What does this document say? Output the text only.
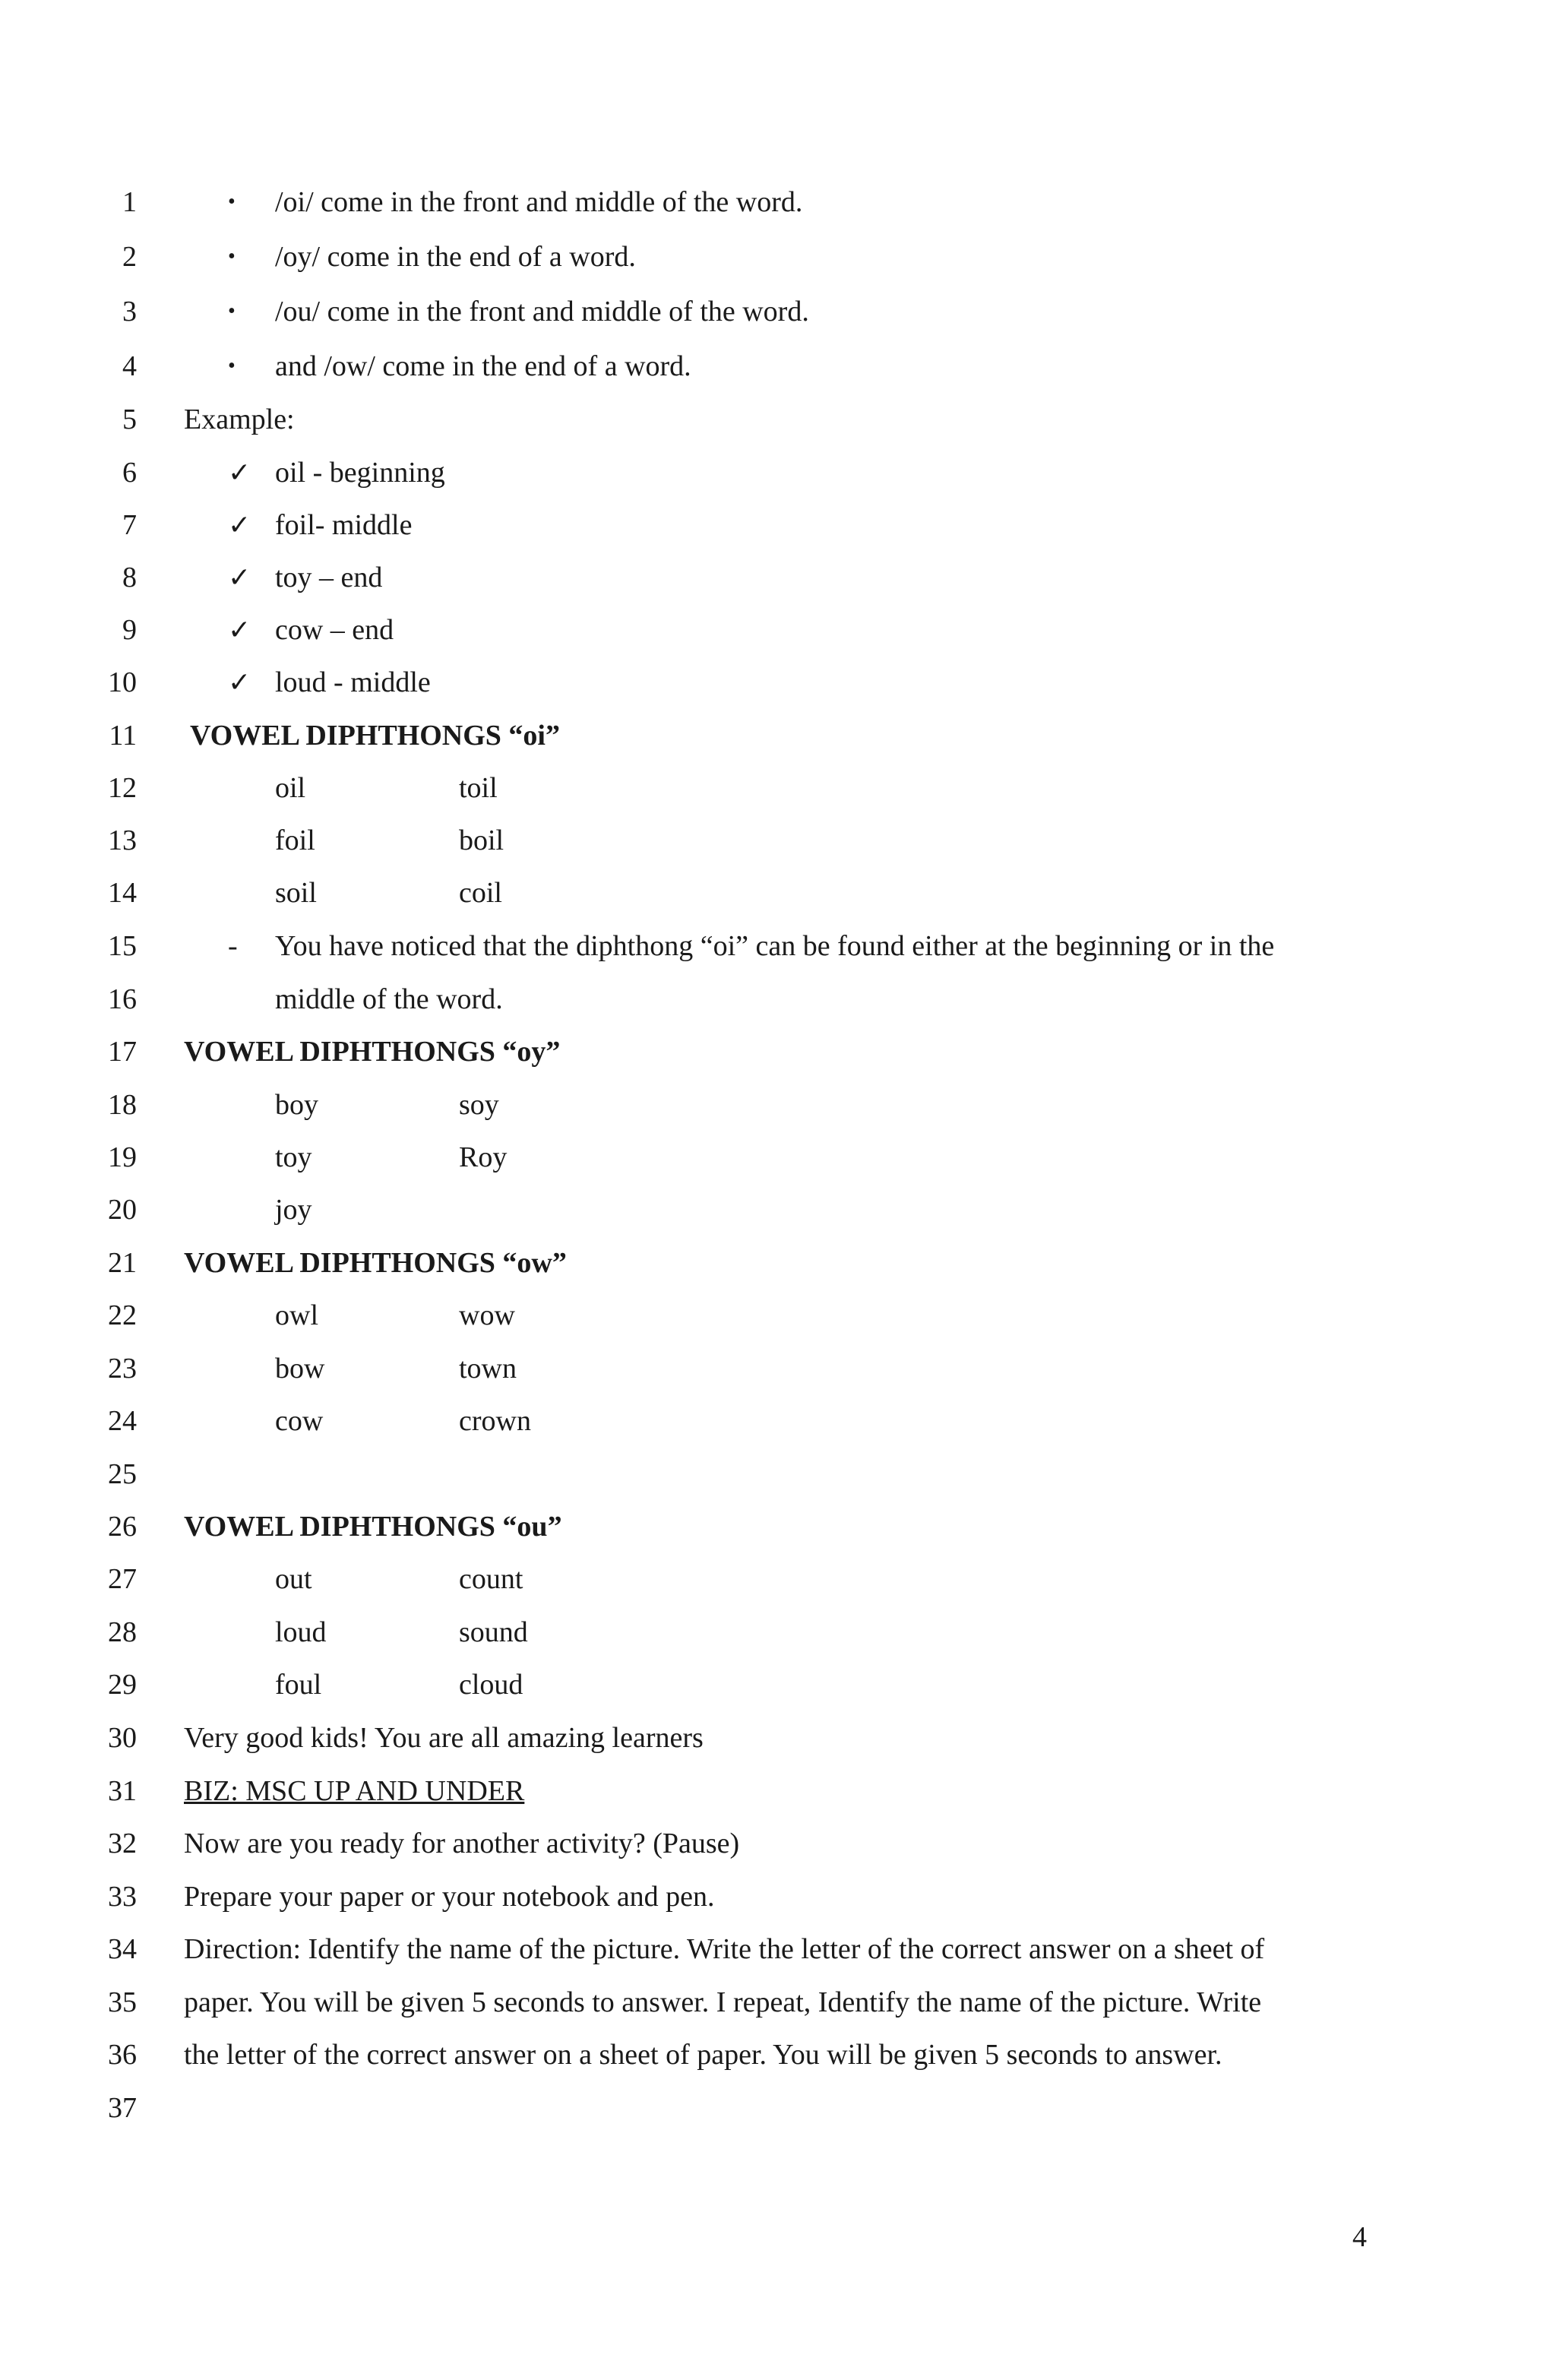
1	• /oi/ come in the front and middle of the word.
2	• /oy/ come in the end of a word.
3	• /ou/ come in the front and middle of the word.
4	• and /ow/ come in the end of a word.
5 Example:
6	✓ oil - beginning
7	✓ foil- middle
8	✓ toy – end
9	✓ cow – end
10	✓ loud - middle
11 VOWEL DIPHTHONGS “oi”
12	oil	toil
13	foil	boil
14	soil	coil
15	- You have noticed that the diphthong “oi” can be found either at the beginning or in the
16	middle of the word.
17 VOWEL DIPHTHONGS “oy”
18	boy	soy
19	toy	Roy
20	joy
21 VOWEL DIPHTHONGS “ow”
22	owl	wow
23	bow	town
24	cow	crown
25
26 VOWEL DIPHTHONGS “ou”
27	out	count
28	loud	sound
29	foul	cloud
30 Very good kids! You are all amazing learners
31 BIZ: MSC UP AND UNDER
32 Now are you ready for another activity? (Pause)
33 Prepare your paper or your notebook and pen.
34 Direction: Identify the name of the picture. Write the letter of the correct answer on a sheet of
35 paper. You will be given 5 seconds to answer. I repeat, Identify the name of the picture. Write
36 the letter of the correct answer on a sheet of paper. You will be given 5 seconds to answer.
37
4
